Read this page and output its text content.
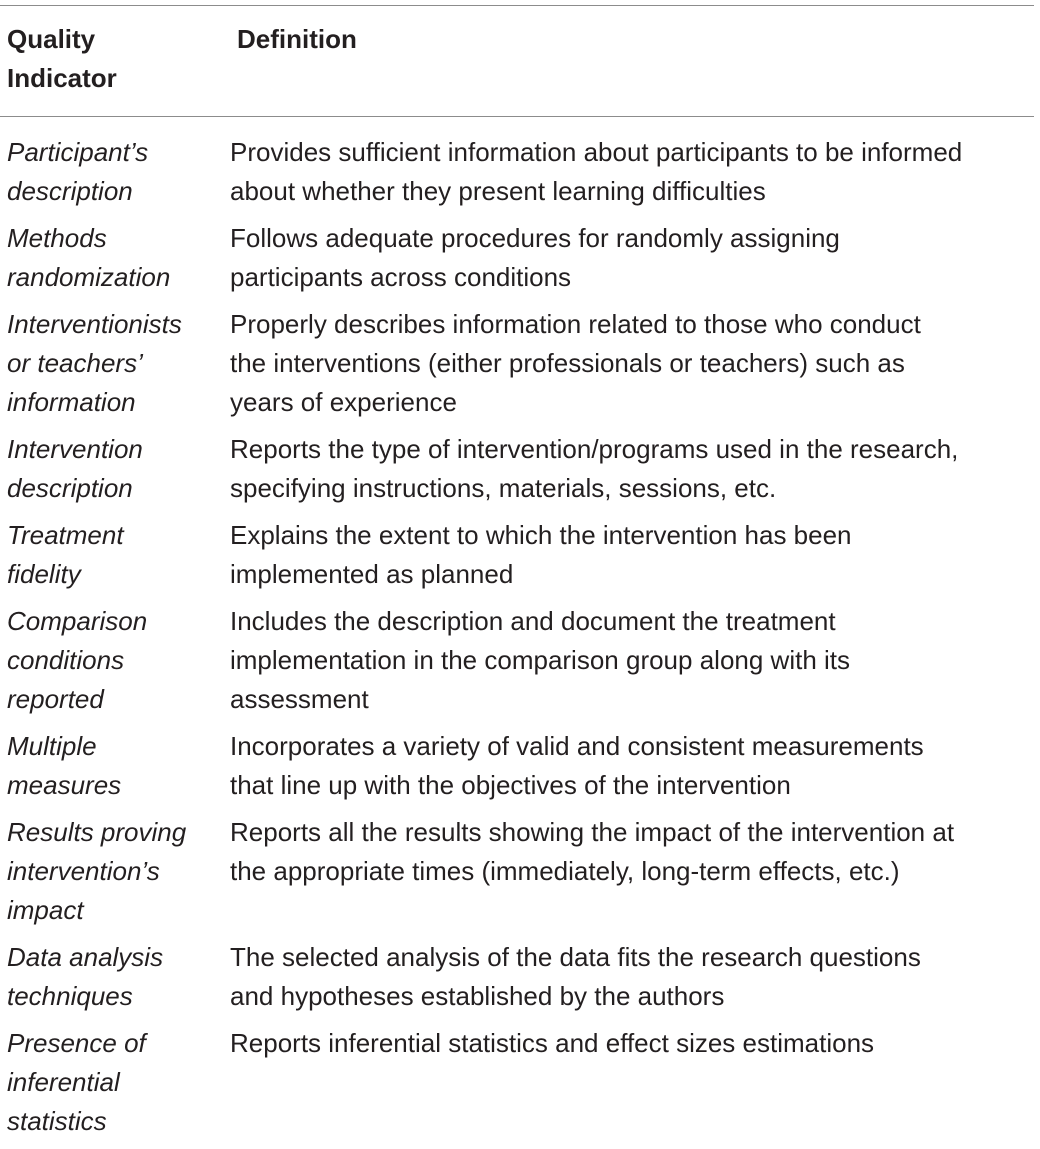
Quality
Indicator
Definition
Participant’s
description
Provides sufficient information about participants to be informed
about whether they present learning difficulties
Methods
randomization
Follows adequate procedures for randomly assigning
participants across conditions
Interventionists
or teachers’
information
Properly describes information related to those who conduct
the interventions (either professionals or teachers) such as
years of experience
Intervention
description
Reports the type of intervention/programs used in the research,
specifying instructions, materials, sessions, etc.
Treatment
fidelity
Explains the extent to which the intervention has been
implemented as planned
Comparison
conditions
reported
Includes the description and document the treatment
implementation in the comparison group along with its
assessment
Multiple
measures
Incorporates a variety of valid and consistent measurements
that line up with the objectives of the intervention
Results proving
intervention’s
impact
Reports all the results showing the impact of the intervention at
the appropriate times (immediately, long-term effects, etc.)
Data analysis
techniques
The selected analysis of the data fits the research questions
and hypotheses established by the authors
Presence of
inferential
statistics
Reports inferential statistics and effect sizes estimations
